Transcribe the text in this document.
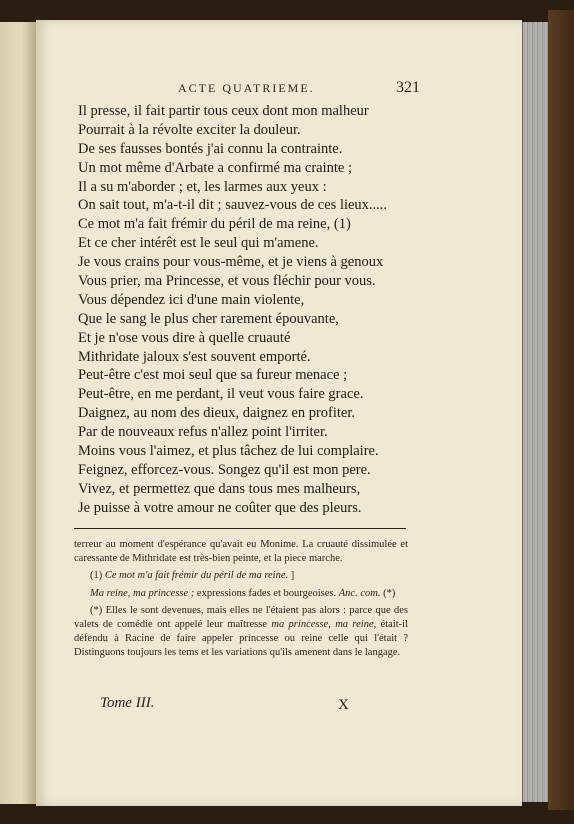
ACTE QUATRIEME.	321
Il presse, il fait partir tous ceux dont mon malheur
Pourrait à la révolte exciter la douleur.
De ses fausses bontés j'ai connu la contrainte.
Un mot même d'Arbate a confirmé ma crainte ;
Il a su m'aborder ; et, les larmes aux yeux :
On sait tout, m'a-t-il dit ; sauvez-vous de ces lieux.....
Ce mot m'a fait frémir du péril de ma reine, (1)
Et ce cher intérêt est le seul qui m'amene.
Je vous crains pour vous-même, et je viens à genoux
Vous prier, ma Princesse, et vous fléchir pour vous.
Vous dépendez ici d'une main violente,
Que le sang le plus cher rarement épouvante,
Et je n'ose vous dire à quelle cruauté
Mithridate jaloux s'est souvent emporté.
Peut-être c'est moi seul que sa fureur menace ;
Peut-être, en me perdant, il veut vous faire grace.
Daignez, au nom des dieux, daignez en profiter.
Par de nouveaux refus n'allez point l'irriter.
Moins vous l'aimez, et plus tâchez de lui complaire.
Feignez, efforcez-vous. Songez qu'il est mon pere.
Vivez, et permettez que dans tous mes malheurs,
Je puisse à votre amour ne coûter que des pleurs.

terreur au moment d'espérance qu'avait eu Monime. La cruauté dissimulée et caressante de Mithridate est très-bien peinte, et la piece marche.

(1) Ce mot m'a fait frémir du péril de ma reine. ]

Ma reine, ma princesse ; expressions fades et bourgeoises. Anc. com. (*)

(*) Elles le sont devenues, mais elles ne l'étaient pas alors : parce que des valets de comédie ont appelé leur maîtresse ma princesse, ma reine, était-il défendu à Racine de faire appeler princesse ou reine celle qui l'était ? Distinguons toujours les tems et les variations qu'ils amenent dans le langage.

Tome III.	X
